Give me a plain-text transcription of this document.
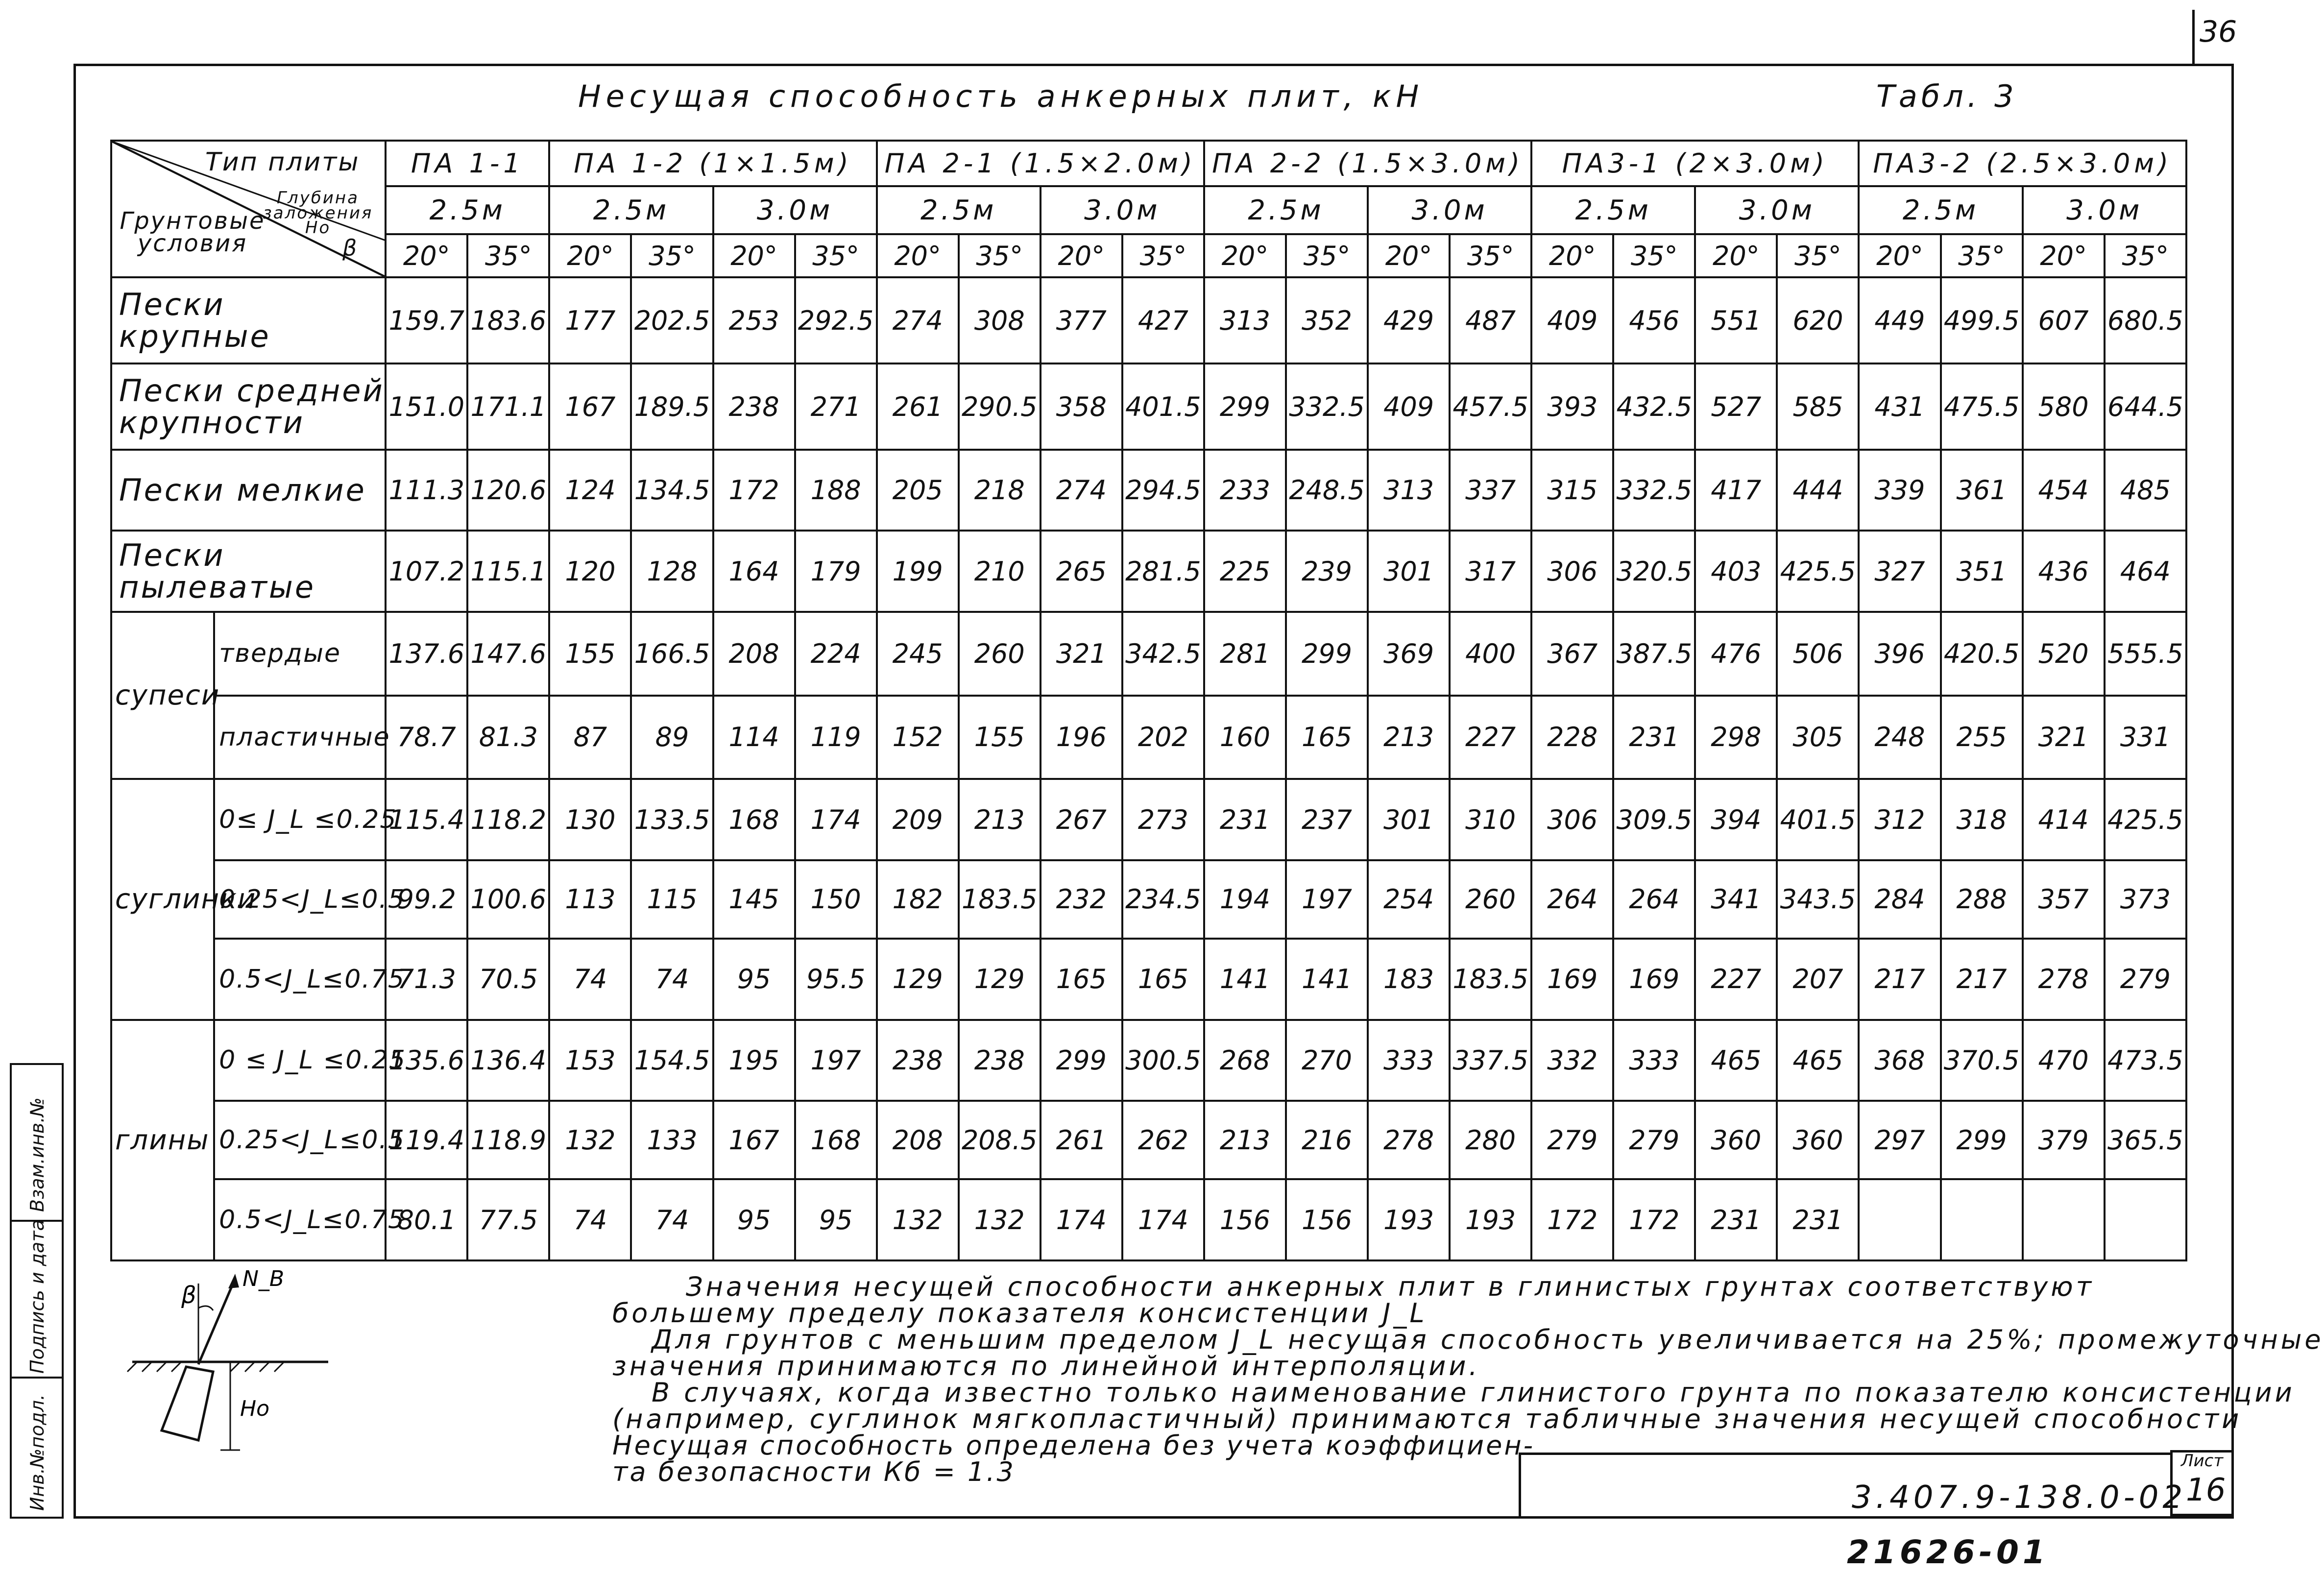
36
Несущая способность анкерных плит, кН	Табл. 3
Тип плиты
Глубина заложения Но
Грунтовые условия β		ПА 1-1		ПА 1-2 (1×1.5м)				ПА 2-1 (1.5×2.0м)				ПА 2-2 (1.5×3.0м)				ПА3-1 (2×3.0м)				ПА3-2 (2.5×3.0м)			
		2.5м		2.5м		3.0м		2.5м		3.0м		2.5м		3.0м		2.5м		3.0м		2.5м		3.0м	
		20°	35°	20°	35°	20°	35°	20°	35°	20°	35°	20°	35°	20°	35°	20°	35°	20°	35°	20°	35°	20°	35°
Пески крупные		159.7	183.6	177	202.5	253	292.5	274	308	377	427	313	352	429	487	409	456	551	620	449	499.5	607	680.5
Пески средней крупности		151.0	171.1	167	189.5	238	271	261	290.5	358	401.5	299	332.5	409	457.5	393	432.5	527	585	431	475.5	580	644.5
Пески мелкие		111.3	120.6	124	134.5	172	188	205	218	274	294.5	233	248.5	313	337	315	332.5	417	444	339	361	454	485
Пески пылеватые		107.2	115.1	120	128	164	179	199	210	265	281.5	225	239	301	317	306	320.5	403	425.5	327	351	436	464
супеси	твердые	137.6	147.6	155	166.5	208	224	245	260	321	342.5	281	299	369	400	367	387.5	476	506	396	420.5	520	555.5
	пластичные	78.7	81.3	87	89	114	119	152	155	196	202	160	165	213	227	228	231	298	305	248	255	321	331
суглинки	0≤ J_L ≤0.25	115.4	118.2	130	133.5	168	174	209	213	267	273	231	237	301	310	306	309.5	394	401.5	312	318	414	425.5
	0.25<J_L≤0.5	99.2	100.6	113	115	145	150	182	183.5	232	234.5	194	197	254	260	264	264	341	343.5	284	288	357	373
	0.5<J_L≤0.75	71.3	70.5	74	74	95	95.5	129	129	165	165	141	141	183	183.5	169	169	227	207	217	217	278	279
глины	0 ≤ J_L ≤0.25	135.6	136.4	153	154.5	195	197	238	238	299	300.5	268	270	333	337.5	332	333	465	465	368	370.5	470	473.5
	0.25<J_L≤0.5	119.4	118.9	132	133	167	168	208	208.5	261	262	213	216	278	280	279	279	360	360	297	299	379	365.5
	0.5<J_L≤0.75	80.1	77.5	74	74	95	95	132	132	174	174	156	156	193	193	172	172	231	231				
Значения несущей способности анкерных плит в глинистых грунтах соответствуют
большему пределу показателя консистенции J_L
Для грунтов с меньшим пределом J_L несущая способность увеличивается на 25%; промежуточные
значения принимаются по линейной интерполяции.
В случаях, когда известно только наименование глинистого грунта по показателю консистенции
(например, суглинок мягкопластичный) принимаются табличные значения несущей способности
Несущая способность определена без учета коэффициен-
та безопасности Кб = 1.3
β
N_B
Но
3.407.9-138.0-02
Лист
16
21626-01
Взам.инв.№
Подпись и дата
Инв.№подл.
